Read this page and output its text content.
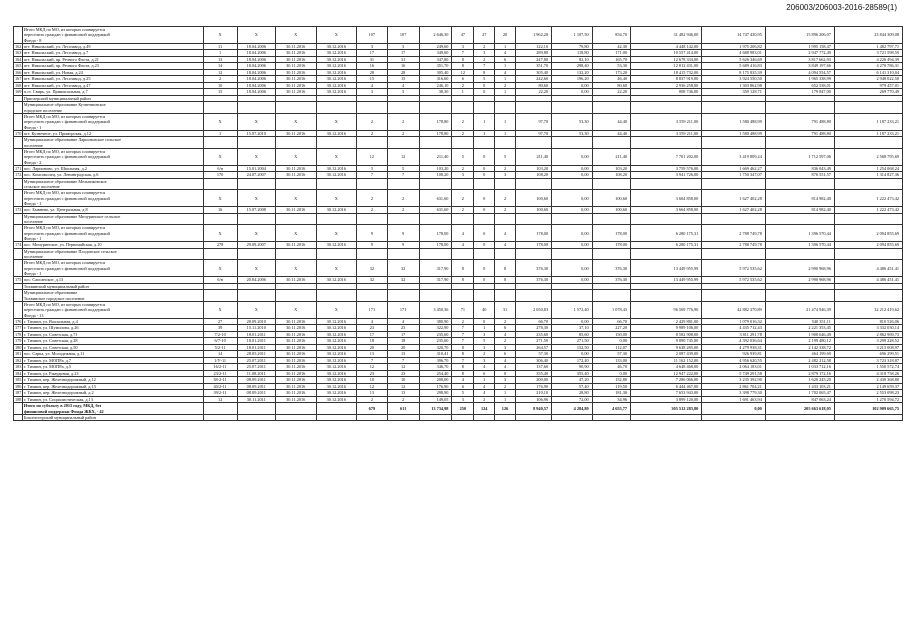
206003/206003-2016-28589(1)

	Итого МКД по МО, из которых планируется
переселить граждан с финансовой поддержкой
Фонда - 8	X	X	X	X	107	107	2 646,30	47	27	20	1 962,20	1 107,50	854,70	31 482 946,00	14 747 430,95	15 896 206,07	23 844 309,08
162	пгт. Никольский, ул. Лесозавод, д.49	11	18.04.2006	30.11.2016	30.12.2016	3	3	249,60	3	2	1	122,10	79,80	42,30	4 448 142,00	1 975 206,82	1 995 158,47	1 482 797,71
163	пгт. Никольский, ул. Лесозавод, д.7	1	18.04.2006	30.11.2016	30.12.2016	17	17	349,60	7	3	4	289,80	118,80	171,00	10 557 414,00	4 688 983,01	2 947 772,49	3 721 598,59
164	пгт. Никольский, пр. Речного Флота, д.21	13	18.04.2006	30.11.2016	30.12.2016	31	31	347,80	8	2	6	247,80	82,10	165,70	12 678 334,00	5 626 346,69	3 817 662,93	4 226 494,39
165	пгт. Никольский, пр. Речного Флота, д.23	14	18.04.2006	30.11.2016	30.12.2016	16	16	351,70	8	7	1	351,70	298,40	53,30	12 812 431,00	5 689 416,83	3 849 197,66	4 270 786,31
166	пгт. Никольский, ул. Новая, д.24	12	18.04.2006	30.11.2016	30.12.2016	28	28	305,40	12	8	4	305,40	132,20	173,20	18 415 732,00	8 175 835,39	4 094 554,57	6 141 310,04
167	пгт. Никольский, ул. Лесозавод, д.25	2	18.04.2006	30.11.2016	30.12.2016	15	15	316,60	6	5	1	242,60	196,20	46,40	8 837 919,00	3 924 550,50	1 965 338,99	2 948 022,50
168	пгт. Никольский, ул. Лесозавод, д.47	10	18.04.2006	30.11.2016	30.12.2016	4	4	246,10	2	0	2	80,60	0,00	80,60	2 936 258,00	1 303 862,98	652 538,01	979 457,01
169	п.ст. Свирь, ул. Привокзальная, д.7	15	18.04.2006	30.11.2016	30.12.2016	3	3	38,30	1	0	1	22,20	0,00	22,20	808 746,00	359 128,71	179 847,00	269 770,49

	Приозерский муниципальный район																	

	Муниципальное образование Кузнечнинское
городское поселение																	

	Итого МКД по МО, из которых планируется
переселить граждан с финансовой поддержкой
Фонда - 1	X	X	X	X	2	2	178,80	2	1	1	97,70	53,30	44,40	3 559 211,00	1 580 488,99	791 488,80	1 187 233,21
170	пгт. Кузнечное, ул. Приморская, д.12	1	15.07.2010	30.11.2016	30.12.2016	2	2	178,80	2	1	1	97,70	53,30	44,40	3 559 211,00	1 580 488,99	791 488,80	1 187 233,21

	Муниципальное образование Ларионовское сельское
поселение																	

	Итого МКД по МО, из которых планируется
переселить граждан с финансовой поддержкой
Фонда - 2	X	X	X	X	12	12	211,40	5	0	5	211,40	0,00	211,40	7 701 202,00	3 419 809,24	1 712 597,06	2 568 795,69
171	пос. Ларионово, ул. Школьная, д.2	б/н	15.01.2004	30.11.2016	30.12.2016	5	5	103,20	2	0	2	103,20	0,00	103,20	3 759 576,00	1 669 462,27	836 043,49	1 254 068,24
172	пос. Комсомолец, ул. Ленинградская, д.6	170	24.07.2007	30.11.2016	30.12.2016	7	7	108,20	3	0	3	108,20	0,00	108,20	3 941 726,00	1 750 347,07	876 551,57	1 314 827,36

	Муниципальное образование Мельниковское
сельское поселение																	

	Итого МКД по МО, из которых планируется
переселить граждан с финансовой поддержкой
Фонда - 1	X	X	X	X	2	2	631,60	2	0	2	100,60	0,00	100,60	3 664 858,00	1 627 402,28	814 982,40	1 222 473,42
173	пос. Бывнево, ул. Центральная, д.8	16	15.07.2008	30.11.2016	30.12.2016	2	2	631,60	2	0	2	100,60	0,00	100,60	3 664 858,00	1 627 402,28	814 982,40	1 222 473,42

	Муниципальное образование Мичуринское сельское
поселение																	

	Итого МКД по МО, из которых планируется
переселить граждан с финансовой поддержкой
Фонда - 1	X	X	X	X	9	9	178,00	4	0	4	178,00	0,00	178,00	6 280 175,31	2 788 749,78	1 396 570,44	2 094 855,69
174	пос. Мичуринское, ул. Первомайская, д.10	278	29.09.2007	30.11.2016	30.12.2016	9	9	178,00	4	0	4	178,00	0,00	178,00	6 280 175,31	2 788 749,78	1 396 570,44	2 094 855,69

	Муниципальное образование Плодовское сельское
поселение																	

	Итого МКД по МО, из которых планируется
переселить граждан с финансовой поддержкой
Фонда - 1	X	X	X	X	32	32	317,90	8	0	8	376,30	0,00	376,30	13 449 955,99	5 972 535,62	2 990 968,96	4 486 451,41
175	пос. Сапсанское, д.13	б/н	20.04.2006	30.11.2016	30.12.2016	32	32	317,90	8	0	8	376,30	0,00	376,30	13 449 955,99	5 972 535,62	2 990 968,96	4 486 451,41

	Тихвинский муниципальный район																	

	Муниципальное образование
Тихвинское городское поселение																	

	Итого МКД по МО, из которых планируется
переселить граждан с финансовой поддержкой
Фонда - 13	X	X	X	X	171	171	3 450,36	71	40	31	2 650,83	1 572,40	1 078,43	96 569 776,90	42 882 370,89	21 474 946,39	32 212 419,62
176	г. Тихвин, ул. Вокзальная, д.4	27	28.09.2010	30.11.2016	30.12.2016	4	4	380,90	2	0	2	66,70	0,00	66,70	2 429 881,00	1 079 016,32	540 351,11	810 526,06
177	г. Тихвин, ул. Шумилова, д.26	39	15.11.2010	30.11.2016	30.12.2016	23	23	322,90	7	1	6	278,30	37,10	227,20	9 989 106,00	4 435 712,43	2 221 353,45	3 332 030,14
178	г. Тихвин, ул. Советская, д.71	7/2-10	18.01.2011	30.11.2016	30.12.2016	17	17	235,60	7	3	4	235,60	85,60	150,00	8 582 908,00	3 811 291,78	1 908 646,49	2 862 969,73
179	г. Тихвин, ул. Советская, д.28	6/7-10	18.01.2011	30.11.2016	30.12.2016	18	18	235,60	7	5	2	271,50	271,50	0,00	9 890 745,00	4 392 036,64	2 199 480,12	3 299 228,52
180	г. Тихвин, ул. Советская, д.50	5/2-11	18.01.2011	30.11.2016	30.12.2016	20	20	320,70	8	3	3	264,57	152,50	112,07	9 638 285,00	4 279 938,31	2 142 338,72	3 215 008,97
181	пос. Сарка, ул. Молодежная, д.11	14	28.05.2011	30.11.2016	30.12.2016	13	13	310,41	8	2	6	57,30	0,00	57,30	2 087 439,00	926 939,81	464 199,69	696 299,51
182	г. Тихвин, ул. МОПРа, д.7	1/У-11	25.07.2011	30.11.2016	30.12.2016	7	7	396,70	7	3	4	306,40	172,40	133,00	11 162 152,00	4 956 620,55	2 482 212,58	3 723 318,87
183	г. Тихвин, ул. МОПРа, д.5	16/2-11	25.07.2011	30.11.2016	30.12.2016	12	12	346,70	8	4	4	137,60	90,90	46,70	4 648 468,00	2 064 183,01	1 033 712,16	1 550 572,74
184	г. Тихвин, ул. Ржаудиная, д.23	23/2-11	11.08.2011	30.11.2016	30.12.2016	23	23	254,40	8	6	0	355,40	355,40	0,00	12 947 222,00	5 749 291,58	2 879 172,16	4 318 758,26
185	г. Тихвин, пер. Железнодорожный, д.12	38-2-11	08.09.2011	30.11.2016	30.12.2016	10	10	200,00	4	1	3	200,00	47,20	152,80	7 286 066,00	3 235 392,90	1 620 245,20	2 430 368,80
186	г. Тихвин, пер. Железнодорожный, д.13	40/2-11	08.09.2011	30.11.2016	30.12.2016	12	12	176,90	6	4	2	176,90	57,40	119,50	6 444 467,00	2 861 704,21	1 433 103,21	2 149 659,37
187	г. Тихвин, пер. Железнодорожный, д.2	39/2-11	08.09.2011	30.11.2016	30.12.2016	13	13	298,90	5	4	1	210,10	28,80	181,30	7 653 943,00	3 398 779,30	1 702 065,47	2 553 098,23
188	г. Тихвин, ул. Социалистическая, д.13	12	30.11.2011	30.11.2016	30.12.2016	2	2	149,05	3	2	1	106,96	72,00	34,96	3 899 120,00	1 691 463,94	847 063,24	1 270 594,72

	Итого по субъекту в 2015 году, МКД, без
финансовой поддержки Фонда ЖКХ, - 42					679	611	13 734,98	250	124	126	8 940,57	4 284,80	4 655,77	305 512 283,80	0,00	205 663 618,05	102 909 665,75

	Бокситогорский муниципальный район																	
